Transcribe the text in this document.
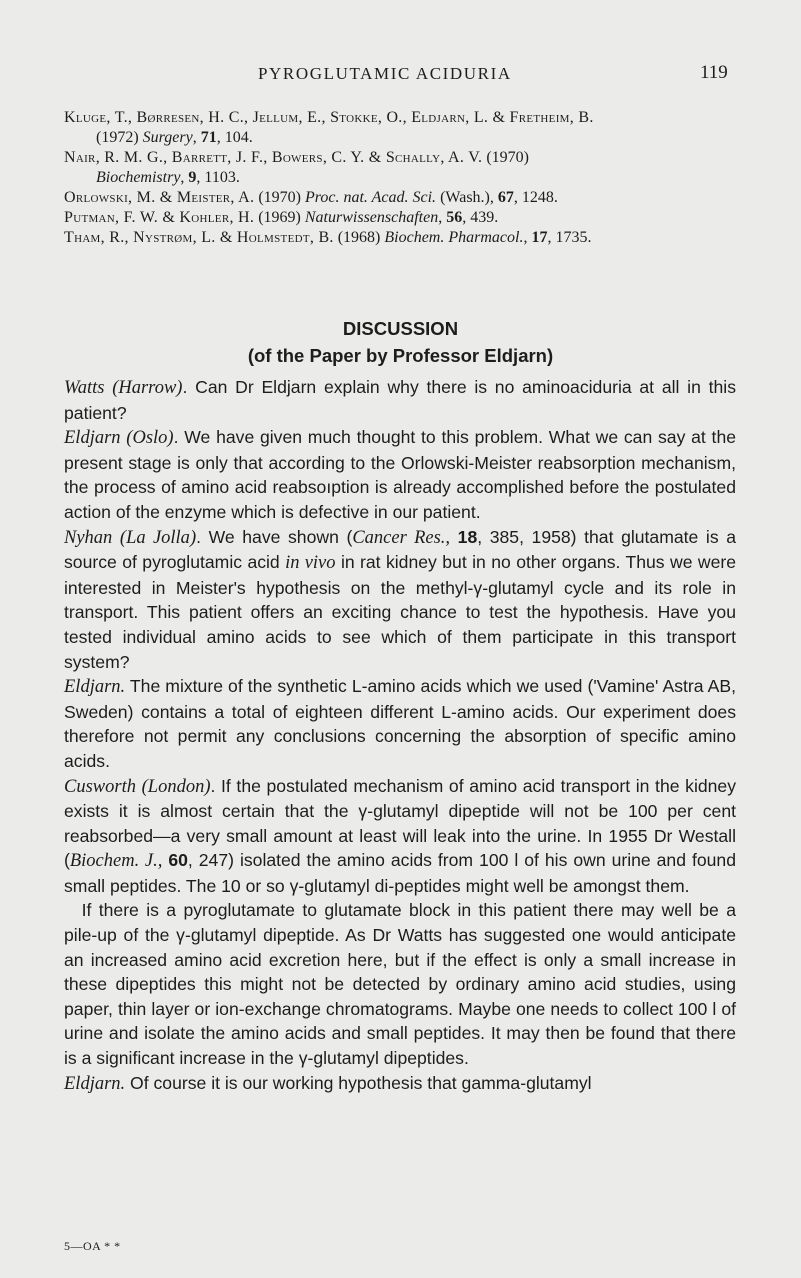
PYROGLUTAMIC ACIDURIA	119

Kluge, T., Børresen, H. C., Jellum, E., Stokke, O., Eldjarn, L. & Fretheim, B.
(1972) Surgery, 71, 104.

Nair, R. M. G., Barrett, J. F., Bowers, C. Y. & Schally, A. V. (1970)
Biochemistry, 9, 1103.

Orlowski, M. & Meister, A. (1970) Proc. nat. Acad. Sci. (Wash.), 67, 1248.

Putman, F. W. & Kohler, H. (1969) Naturwissenschaften, 56, 439.

Tham, R., Nystrøm, L. & Holmstedt, B. (1968) Biochem. Pharmacol., 17, 1735.

DISCUSSION
(of the Paper by Professor Eldjarn)

Watts (Harrow). Can Dr Eldjarn explain why there is no aminoaciduria at all in this patient?

Eldjarn (Oslo). We have given much thought to this problem. What we can say at the present stage is only that according to the Orlowski-Meister reabsorption mechanism, the process of amino acid reabsoıption is already accomplished before the postulated action of the enzyme which is defective in our patient.

Nyhan (La Jolla). We have shown (Cancer Res., 18, 385, 1958) that glutamate is a source of pyroglutamic acid in vivo in rat kidney but in no other organs. Thus we were interested in Meister's hypothesis on the methyl-γ-glutamyl cycle and its role in transport. This patient offers an exciting chance to test the hypothesis. Have you tested individual amino acids to see which of them participate in this transport system?

Eldjarn. The mixture of the synthetic L-amino acids which we used ('Vamine' Astra AB, Sweden) contains a total of eighteen different L-amino acids. Our experiment does therefore not permit any conclusions concerning the absorption of specific amino acids.

Cusworth (London). If the postulated mechanism of amino acid transport in the kidney exists it is almost certain that the γ-glutamyl dipeptide will not be 100 per cent reabsorbed—a very small amount at least will leak into the urine. In 1955 Dr Westall (Biochem. J., 60, 247) isolated the amino acids from 100 l of his own urine and found small peptides. The 10 or so γ-glutamyl di-peptides might well be amongst them.

If there is a pyroglutamate to glutamate block in this patient there may well be a pile-up of the γ-glutamyl dipeptide. As Dr Watts has suggested one would anticipate an increased amino acid excretion here, but if the effect is only a small increase in these dipeptides this might not be detected by ordinary amino acid studies, using paper, thin layer or ion-exchange chromatograms. Maybe one needs to collect 100 l of urine and isolate the amino acids and small peptides. It may then be found that there is a significant increase in the γ-glutamyl dipeptides.

Eldjarn. Of course it is our working hypothesis that gamma-glutamyl

5—OA * *
